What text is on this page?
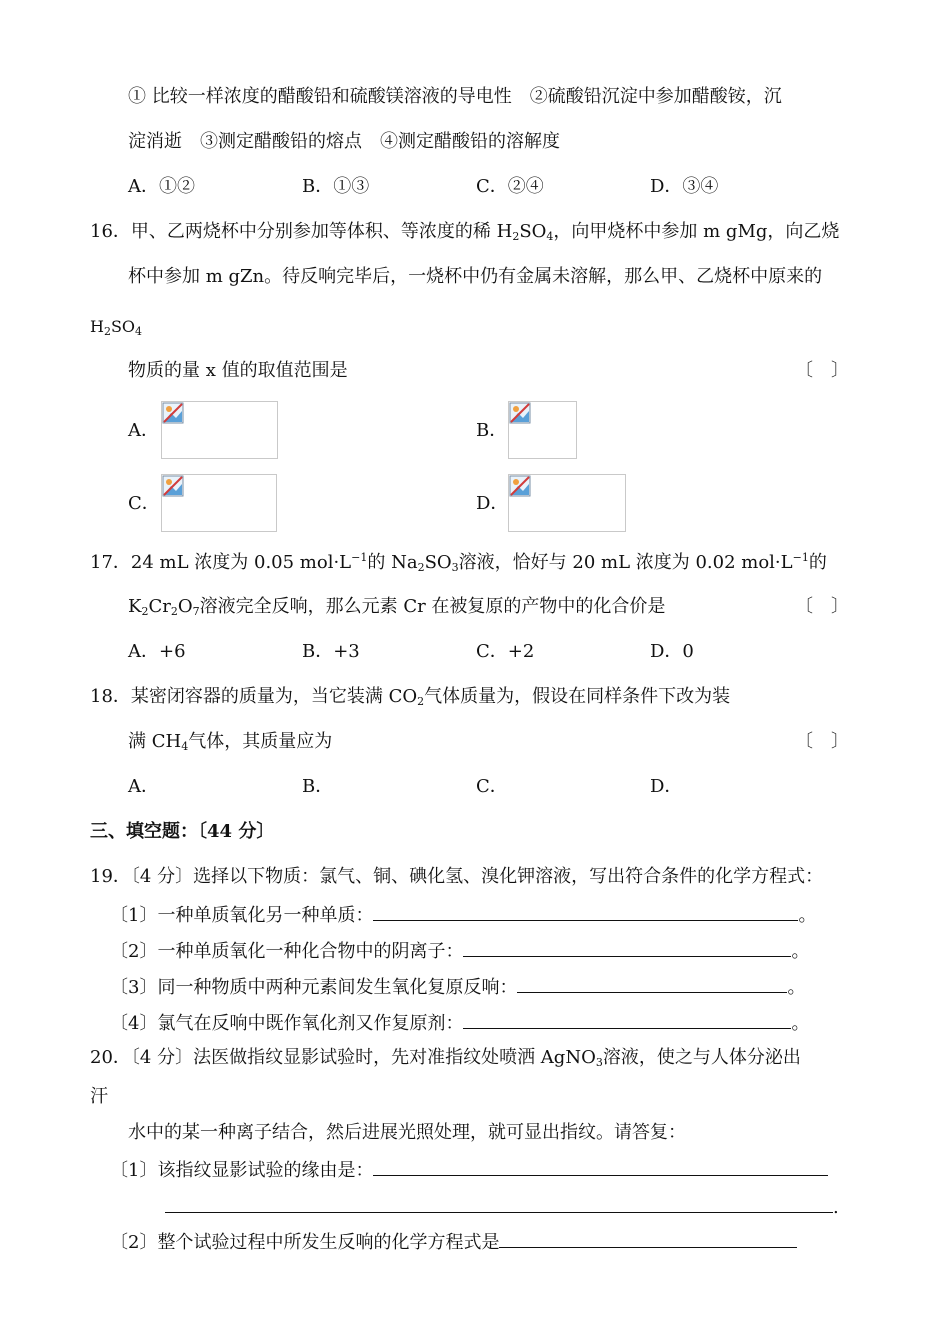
① 比较一样浓度的醋酸铅和硫酸镁溶液的导电性　②硫酸铅沉淀中参加醋酸铵，沉
淀消逝　③测定醋酸铅的熔点　④测定醋酸铅的溶解度
A．①②	B．①③	C．②④	D．③④
16．甲、乙两烧杯中分别参加等体积、等浓度的稀 $H_2SO_4$，向甲烧杯中参加 m gMg，向乙烧
杯中参加 m gZn。待反响完毕后，一烧杯中仍有金属未溶解，那么甲、乙烧杯中原来的
$H_2SO_4$
物质的量 x 值的取值范围是	〔　〕
A．	B．
C．	D．
17．24 mL 浓度为 0.05 $mol\cdot L^{-1}$的 $Na_2SO_3$溶液，恰好与 20 mL 浓度为 0.02 $mol\cdot L^{-1}$的
$K_2Cr_2O_7$溶液完全反响，那么元素 Cr 在被复原的产物中的化合价是	〔　〕
A．+6	B．+3	C．+2	D．0
18．某密闭容器的质量为，当它装满 $CO_2$气体质量为，假设在同样条件下改为装
满 $CH_4$气体，其质量应为	〔　〕
A．	B．	C．	D．
三、填空题：〔44 分〕
19．〔4 分〕选择以下物质：氯气、铜、碘化氢、溴化钾溶液，写出符合条件的化学方程式：
〔1〕一种单质氧化另一种单质：	。
〔2〕一种单质氧化一种化合物中的阴离子：	。
〔3〕同一种物质中两种元素间发生氧化复原反响：	。
〔4〕氯气在反响中既作氧化剂又作复原剂：	。
20．〔4 分〕法医做指纹显影试验时，先对准指纹处喷洒 AgNO$_3$溶液，使之与人体分泌出
汗
水中的某一种离子结合，然后进展光照处理，就可显出指纹。请答复：
〔1〕该指纹显影试验的缘由是：
.
〔2〕整个试验过程中所发生反响的化学方程式是
